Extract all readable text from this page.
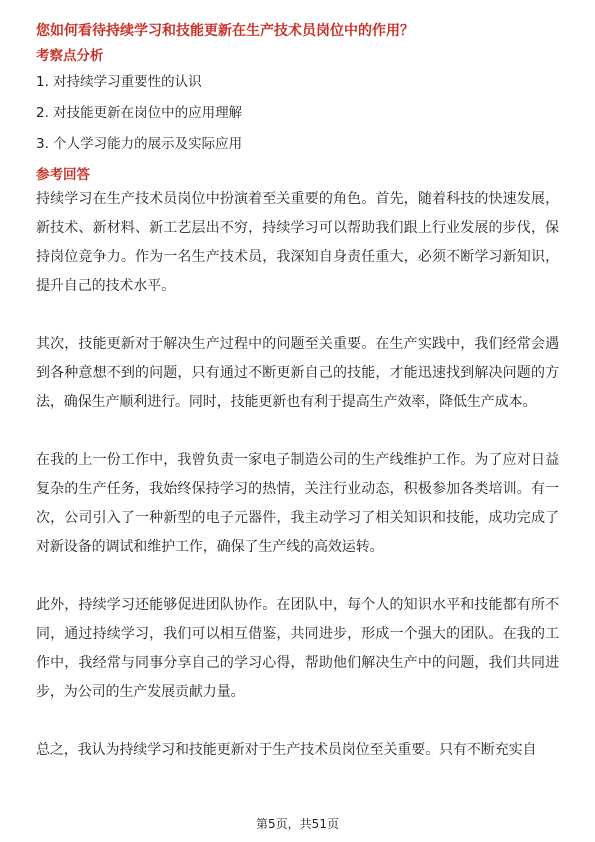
您如何看待持续学习和技能更新在生产技术员岗位中的作用？

考察点分析

1. 对持续学习重要性的认识
2. 对技能更新在岗位中的应用理解
3. 个人学习能力的展示及实际应用

参考回答

持续学习在生产技术员岗位中扮演着至关重要的角色。首先，随着科技的快速发展，新技术、新材料、新工艺层出不穷，持续学习可以帮助我们跟上行业发展的步伐，保持岗位竞争力。作为一名生产技术员，我深知自身责任重大，必须不断学习新知识，提升自己的技术水平。

其次，技能更新对于解决生产过程中的问题至关重要。在生产实践中，我们经常会遇到各种意想不到的问题，只有通过不断更新自己的技能，才能迅速找到解决问题的方法，确保生产顺利进行。同时，技能更新也有利于提高生产效率，降低生产成本。

在我的上一份工作中，我曾负责一家电子制造公司的生产线维护工作。为了应对日益复杂的生产任务，我始终保持学习的热情，关注行业动态，积极参加各类培训。有一次，公司引入了一种新型的电子元器件，我主动学习了相关知识和技能，成功完成了对新设备的调试和维护工作，确保了生产线的高效运转。

此外，持续学习还能够促进团队协作。在团队中，每个人的知识水平和技能都有所不同，通过持续学习，我们可以相互借鉴，共同进步，形成一个强大的团队。在我的工作中，我经常与同事分享自己的学习心得，帮助他们解决生产中的问题，我们共同进步，为公司的生产发展贡献力量。

总之，我认为持续学习和技能更新对于生产技术员岗位至关重要。只有不断充实自

第5页，共51页
